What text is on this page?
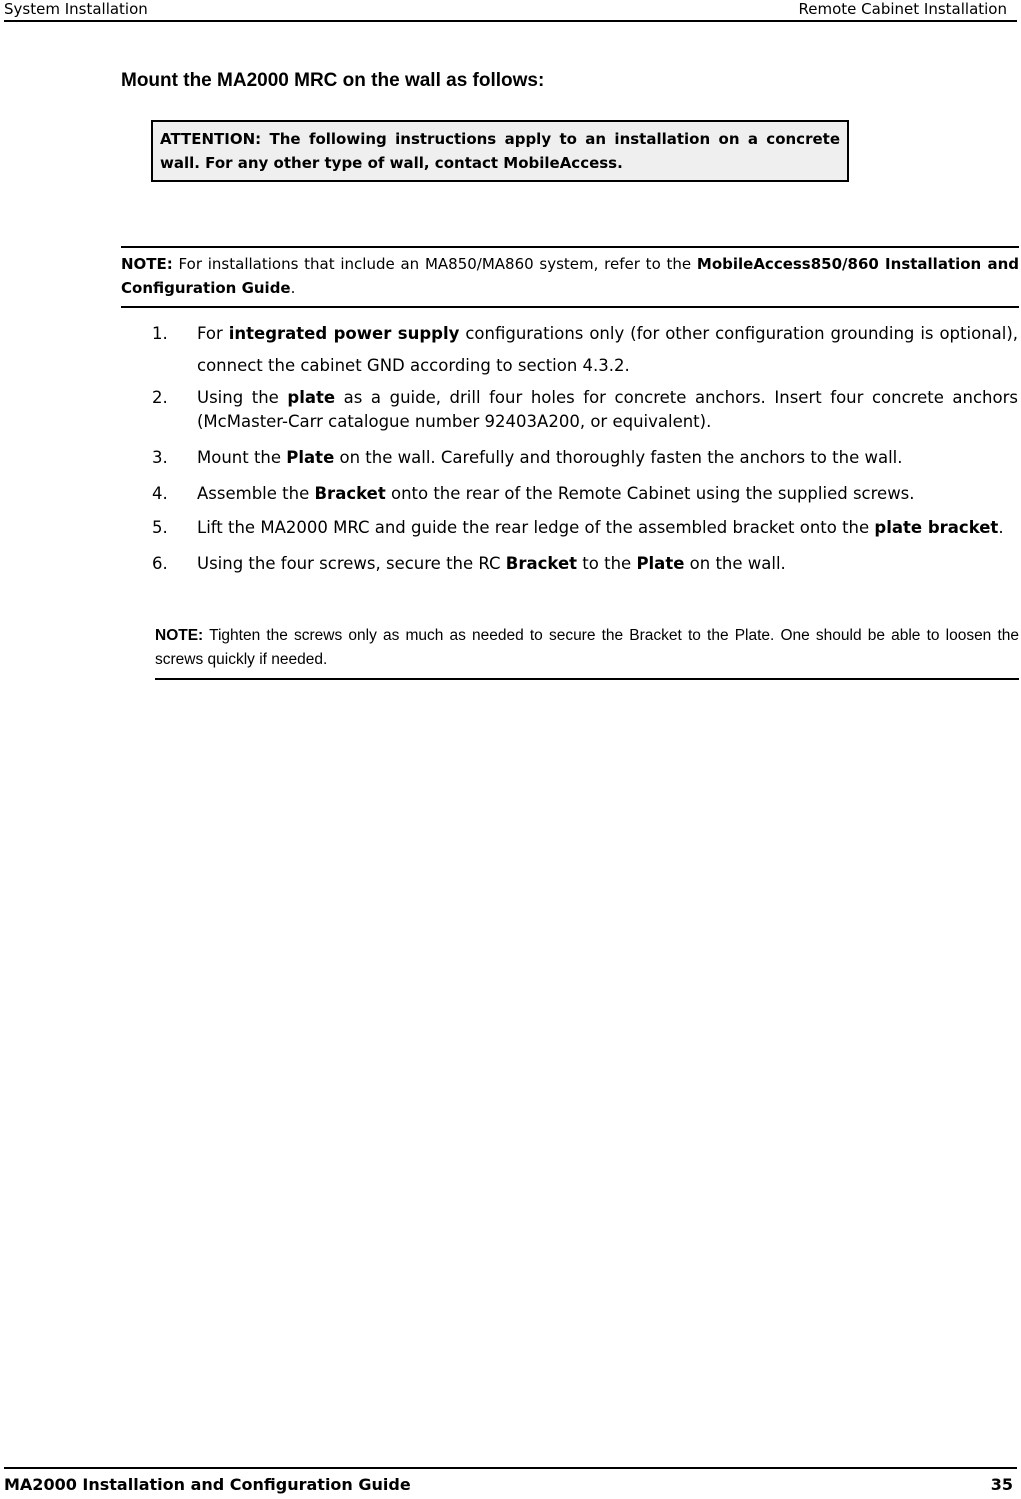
System Installation	Remote Cabinet Installation
Mount the MA2000 MRC on the wall as follows:
ATTENTION: The following instructions apply to an installation on a concrete wall. For any other type of wall, contact MobileAccess.
NOTE: For installations that include an MA850/MA860 system, refer to the MobileAccess850/860 Installation and Configuration Guide.
1. For integrated power supply configurations only (for other configuration grounding is optional), connect the cabinet GND according to section 4.3.2.
2. Using the plate as a guide, drill four holes for concrete anchors. Insert four concrete anchors (McMaster-Carr catalogue number 92403A200, or equivalent).
3. Mount the Plate on the wall. Carefully and thoroughly fasten the anchors to the wall.
4. Assemble the Bracket onto the rear of the Remote Cabinet using the supplied screws.
5. Lift the MA2000 MRC and guide the rear ledge of the assembled bracket onto the plate bracket.
6. Using the four screws, secure the RC Bracket to the Plate on the wall.
NOTE: Tighten the screws only as much as needed to secure the Bracket to the Plate. One should be able to loosen the screws quickly if needed.
MA2000 Installation and Configuration Guide	35
